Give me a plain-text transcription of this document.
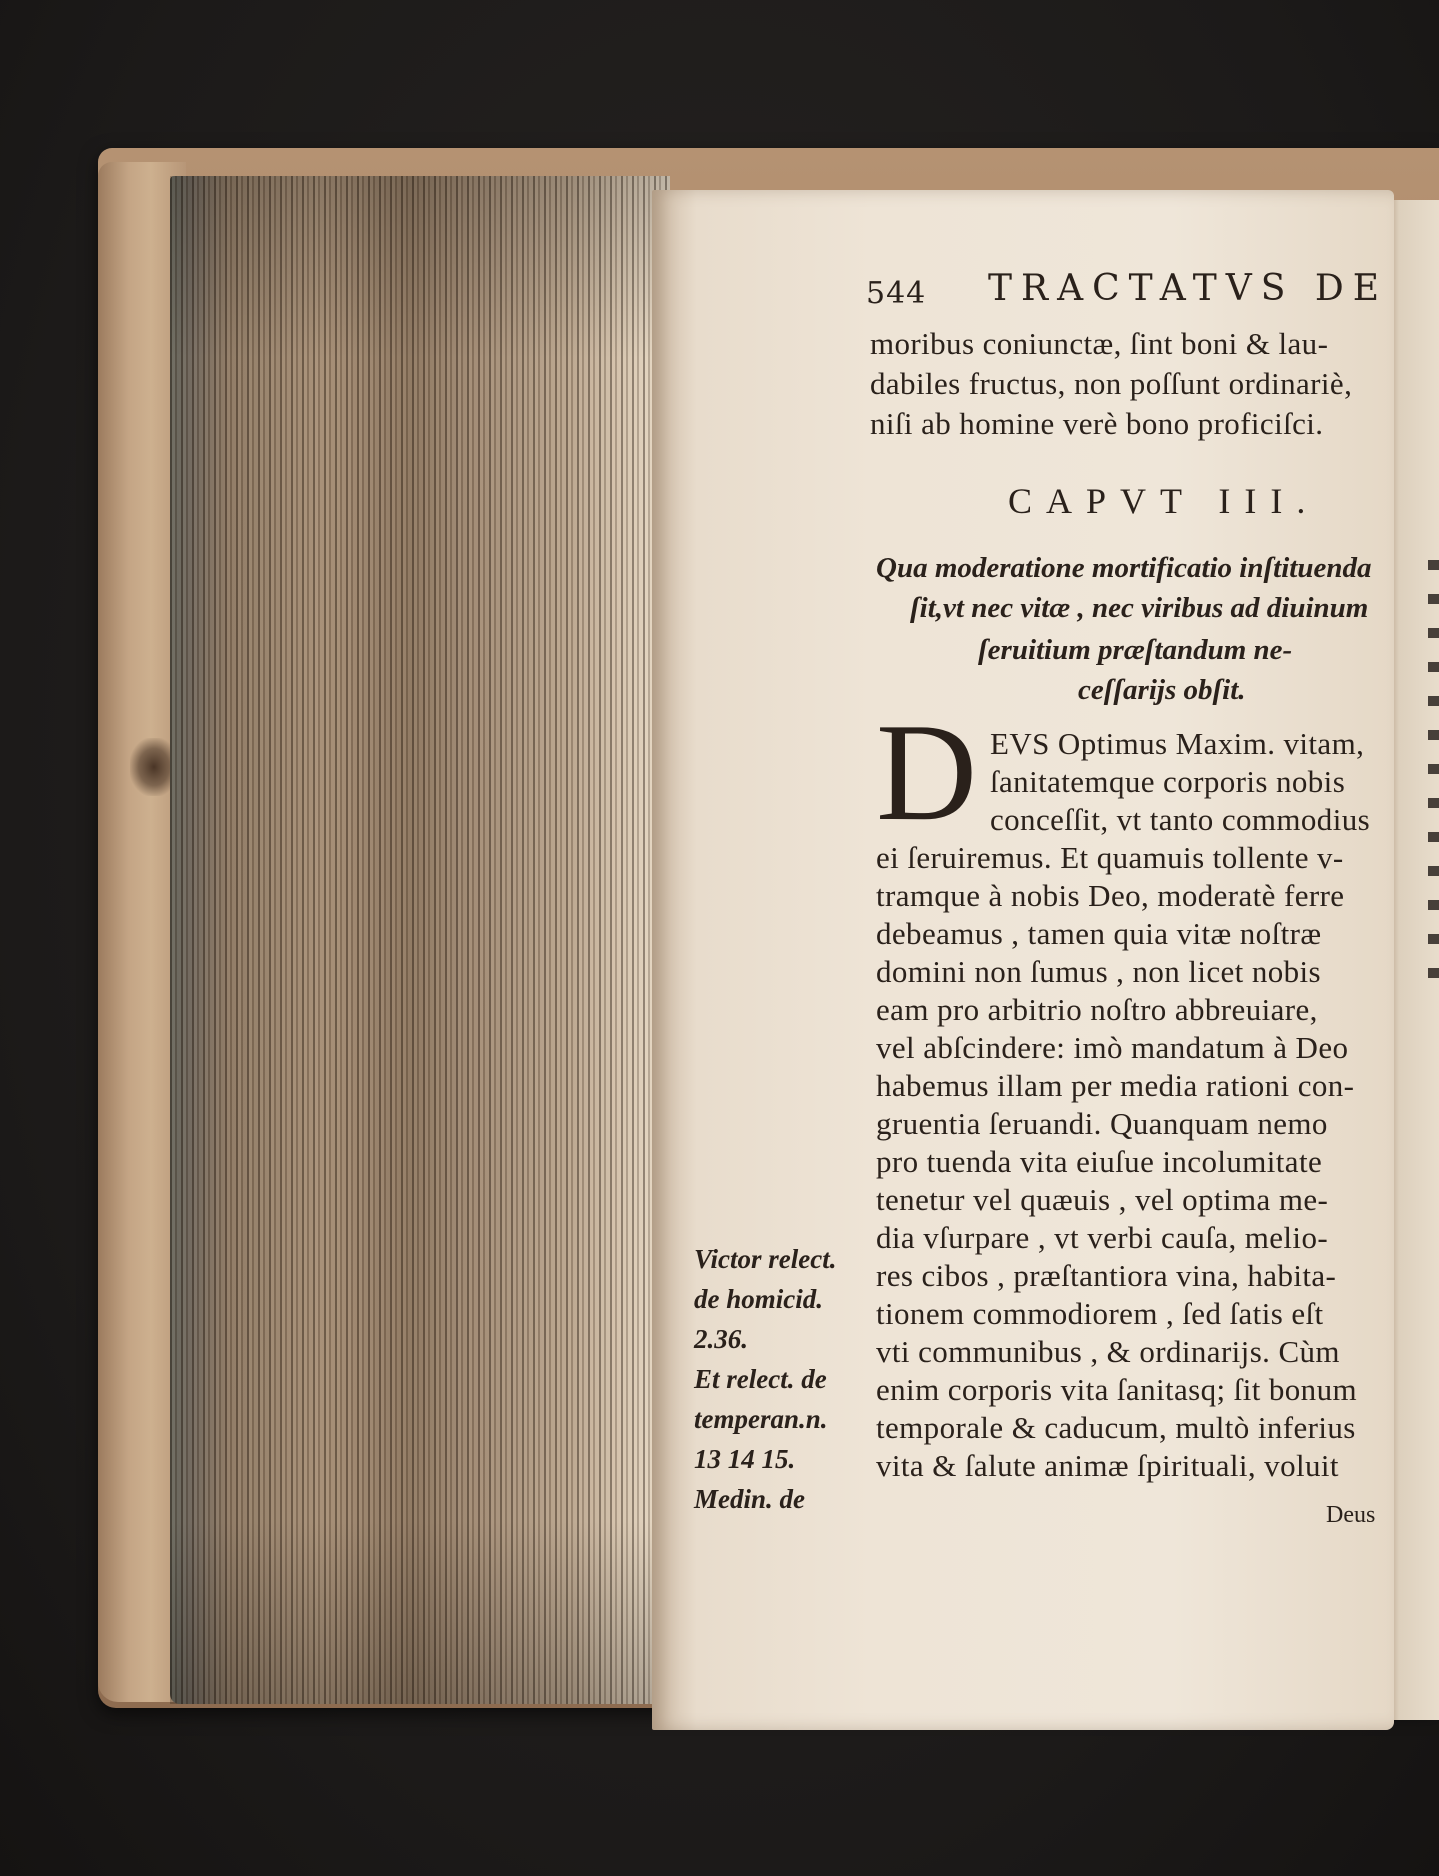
544 TRACTATVS DE
moribus coniunctæ, ſint boni & lau-
dabiles fructus, non poſſunt ordinariè,
niſi ab homine verè bono proficiſci.
CAPVT III.
Qua moderatione mortificatio inſtituenda
ſit,vt nec vitæ , nec viribus ad diuinum
ſeruitium præſtandum ne-
ceſſarijs obſit.
D EVS Optimus Maxim. vitam,
ſanitatemque corporis nobis
conceſſit, vt tanto commodius
ei ſeruiremus. Et quamuis tollente v-
tramque à nobis Deo, moderatè ferre
debeamus , tamen quia vitæ noſtræ
domini non ſumus , non licet nobis
eam pro arbitrio noſtro abbreuiare,
vel abſcindere: imò mandatum à Deo
habemus illam per media rationi con-
gruentia ſeruandi. Quanquam nemo
pro tuenda vita eiuſue incolumitate
tenetur vel quæuis , vel optima me-
dia vſurpare , vt verbi cauſa, melio-
res cibos , præſtantiora vina, habita-
tionem commodiorem , ſed ſatis eſt
vti communibus , & ordinarijs. Cùm
enim corporis vita ſanitasq; ſit bonum
temporale & caducum, multò inferius
vita & ſalute animæ ſpirituali, voluit
Deus
Victor relect.
de homicid.
2.36.
Et relect. de
temperan.n.
13 14 15.
Medin. de
